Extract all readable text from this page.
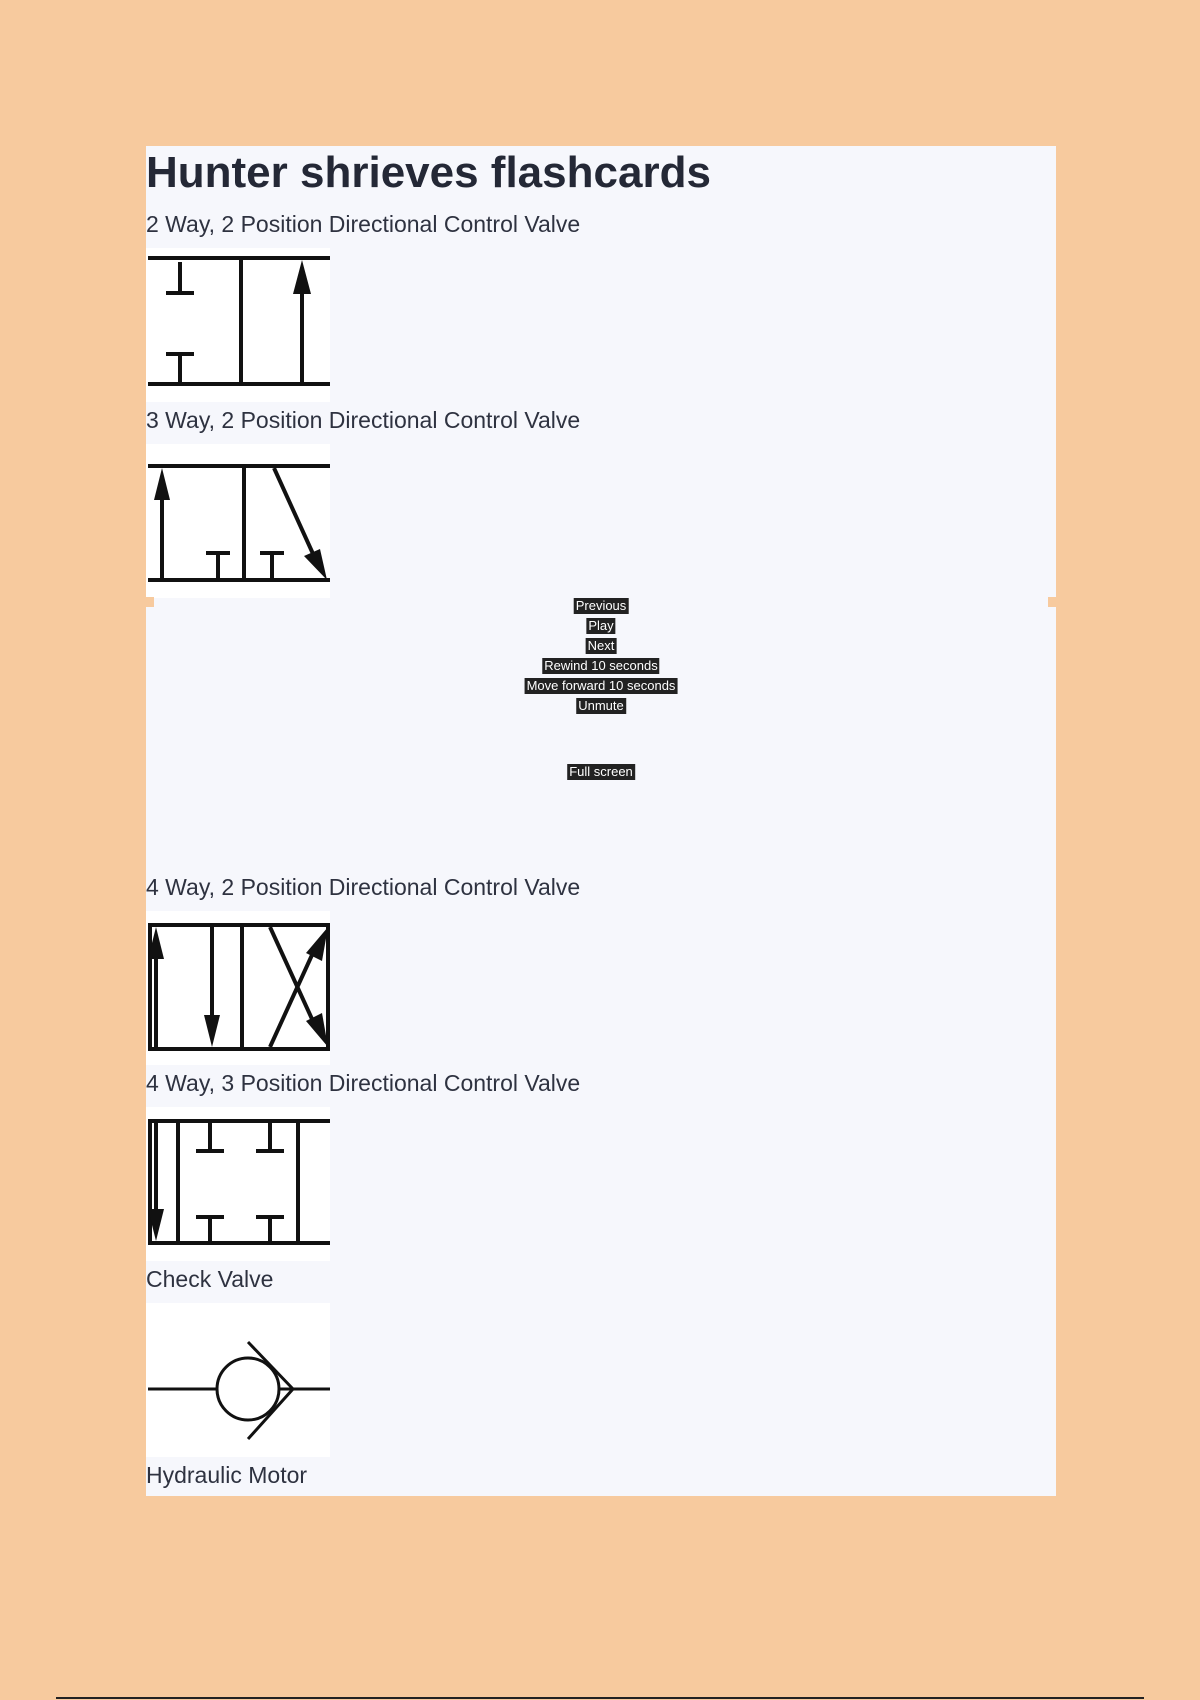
Hunter shrieves flashcards
2 Way, 2 Position Directional Control Valve
3 Way, 2 Position Directional Control Valve
Previous
Play
Next
Rewind 10 seconds
Move forward 10 seconds
Unmute
Full screen
4 Way, 2 Position Directional Control Valve
4 Way, 3 Position Directional Control Valve
Check Valve
Hydraulic Motor
